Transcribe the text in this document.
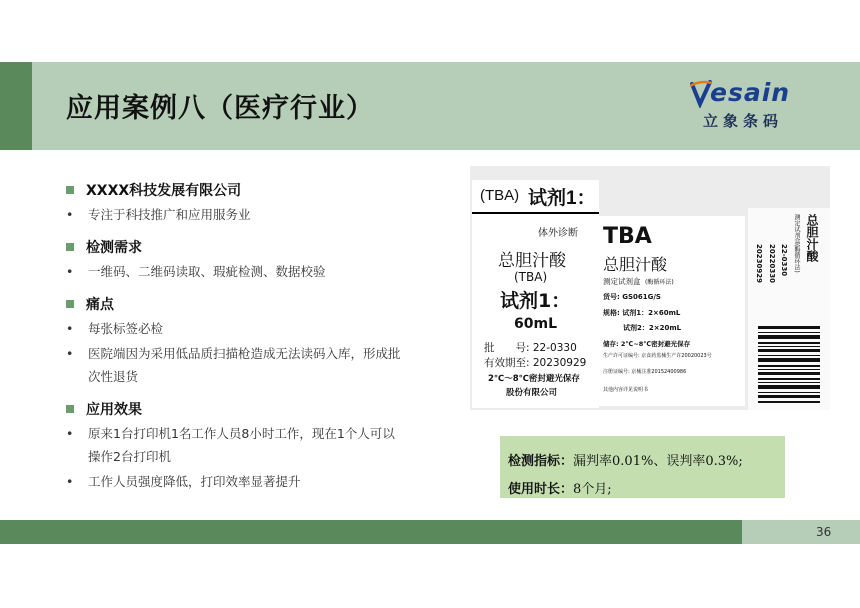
应用案例八（医疗行业）
esain
立象条码
XXXX科技发展有限公司
•	专注于科技推广和应用服务业
检测需求
•	一维码、二维码读取、瑕疵检测、数据校验
痛点
•	每张标签必检
•	医院端因为采用低品质扫描枪造成无法读码入库，形成批次性退货
应用效果
•	原来1台打印机1名工作人员8小时工作，现在1个人可以操作2台打印机
•	工作人员强度降低，打印效率显著提升
(TBA) 试剂1：
体外诊断
总胆汁酸
(TBA)
试剂1：
60mL
批　　号: 22-0330
有效期至: 20230929
2℃～8℃密封避光保存
股份有限公司
TBA
总胆汁酸
测定试剂盒 (酶循环法)
货号: GS061G/S
规格: 试剂1：2×60mL
试剂2：2×20mL
储存: 2℃~8℃密封避光保存
生产许可证编号: 京食药监械生产许20020023号
注册证编号: 京械注准20152400986
其他内容详见说明书
总胆汁酸
测定试剂盒(酶循环法)
22-0330
20220330
20230929
检测指标：漏判率0.01%、误判率0.3%;
使用时长：8个月;
36
